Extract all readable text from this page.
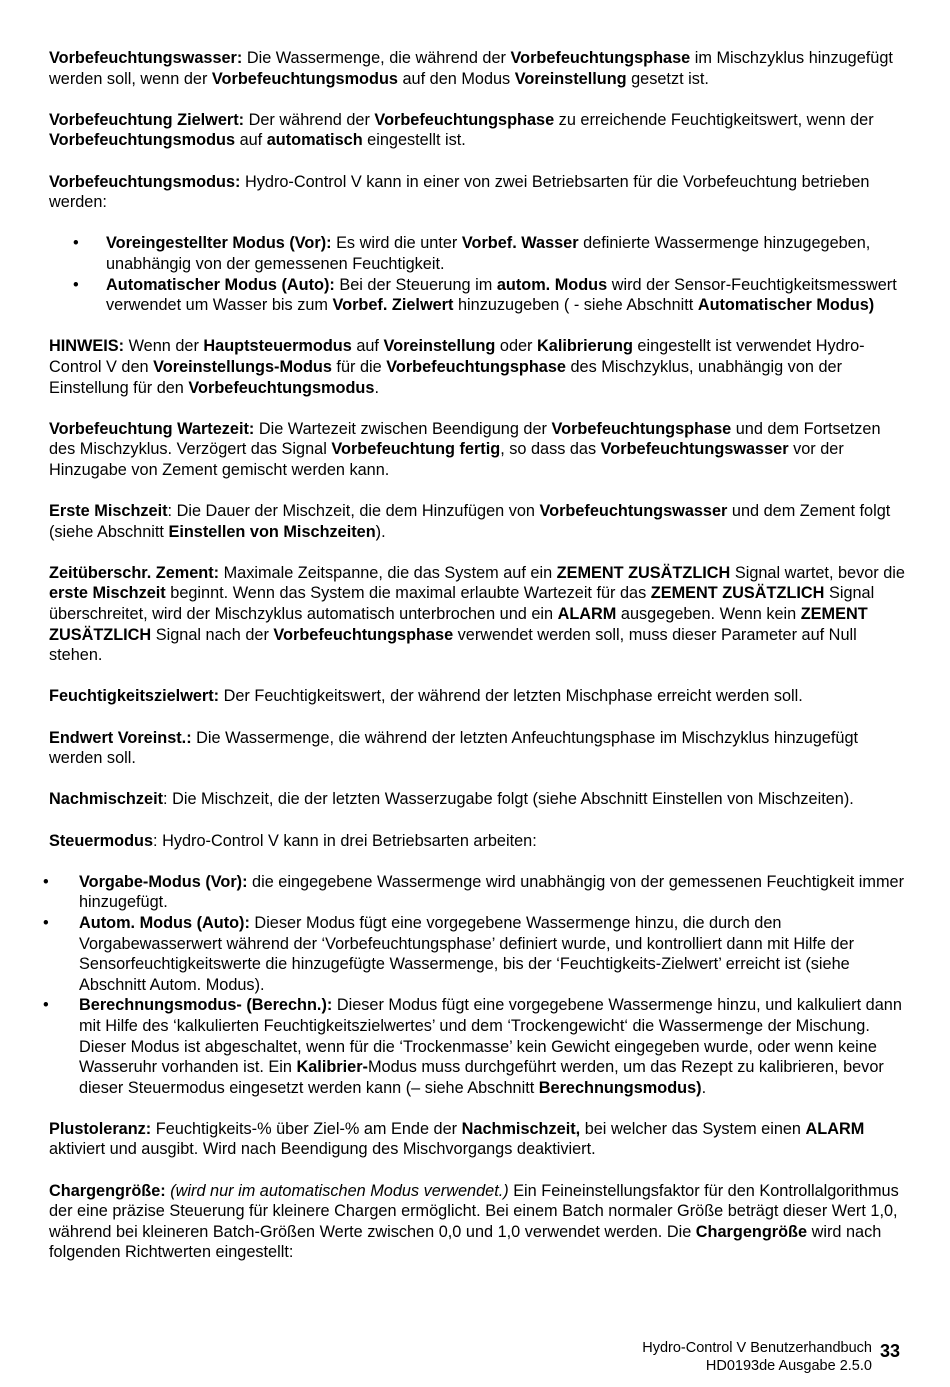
Vorbefeuchtungswasser: Die Wassermenge, die während der Vorbefeuchtungsphase im Mischzyklus hinzugefügt werden soll, wenn der Vorbefeuchtungsmodus auf den Modus Voreinstellung gesetzt ist.

Vorbefeuchtung Zielwert: Der während der Vorbefeuchtungsphase zu erreichende Feuchtigkeitswert, wenn der Vorbefeuchtungsmodus auf automatisch eingestellt ist.

Vorbefeuchtungsmodus: Hydro-Control V kann in einer von zwei Betriebsarten für die Vorbefeuchtung betrieben werden:

• Voreingestellter Modus (Vor): Es wird die unter Vorbef. Wasser definierte Wassermenge hinzugegeben, unabhängig von der gemessenen Feuchtigkeit.
• Automatischer Modus (Auto): Bei der Steuerung im autom. Modus wird der Sensor-Feuchtigkeitsmesswert verwendet um Wasser bis zum Vorbef. Zielwert hinzuzugeben ( - siehe Abschnitt Automatischer Modus)

HINWEIS: Wenn der Hauptsteuermodus auf Voreinstellung oder Kalibrierung eingestellt ist verwendet Hydro-Control V den Voreinstellungs-Modus für die Vorbefeuchtungsphase des Mischzyklus, unabhängig von der Einstellung für den Vorbefeuchtungsmodus.

Vorbefeuchtung Wartezeit: Die Wartezeit zwischen Beendigung der Vorbefeuchtungsphase und dem Fortsetzen des Mischzyklus. Verzögert das Signal Vorbefeuchtung fertig, so dass das Vorbefeuchtungswasser vor der Hinzugabe von Zement gemischt werden kann.

Erste Mischzeit: Die Dauer der Mischzeit, die dem Hinzufügen von Vorbefeuchtungswasser und dem Zement folgt (siehe Abschnitt Einstellen von Mischzeiten).

Zeitüberschr. Zement: Maximale Zeitspanne, die das System auf ein ZEMENT ZUSÄTZLICH Signal wartet, bevor die erste Mischzeit beginnt. Wenn das System die maximal erlaubte Wartezeit für das ZEMENT ZUSÄTZLICH Signal überschreitet, wird der Mischzyklus automatisch unterbrochen und ein ALARM ausgegeben. Wenn kein ZEMENT ZUSÄTZLICH Signal nach der Vorbefeuchtungsphase verwendet werden soll, muss dieser Parameter auf Null stehen.

Feuchtigkeitszielwert: Der Feuchtigkeitswert, der während der letzten Mischphase erreicht werden soll.

Endwert Voreinst.: Die Wassermenge, die während der letzten Anfeuchtungsphase im Mischzyklus hinzugefügt werden soll.

Nachmischzeit: Die Mischzeit, die der letzten Wasserzugabe folgt (siehe Abschnitt Einstellen von Mischzeiten).

Steuermodus: Hydro-Control V kann in drei Betriebsarten arbeiten:

• Vorgabe-Modus (Vor): die eingegebene Wassermenge wird unabhängig von der gemessenen Feuchtigkeit immer hinzugefügt.
• Autom. Modus (Auto): Dieser Modus fügt eine vorgegebene Wassermenge hinzu, die durch den Vorgabewasserwert während der ‘Vorbefeuchtungsphase’ definiert wurde, und kontrolliert dann mit Hilfe der Sensorfeuchtigkeitswerte die hinzugefügte Wassermenge, bis der ‘Feuchtigkeits-Zielwert’ erreicht ist (siehe Abschnitt Autom. Modus).
• Berechnungsmodus- (Berechn.): Dieser Modus fügt eine vorgegebene Wassermenge hinzu, und kalkuliert dann mit Hilfe des ‘kalkulierten Feuchtigkeitszielwertes’ und dem ‘Trockengewicht‘ die Wassermenge der Mischung. Dieser Modus ist abgeschaltet, wenn für die ‘Trockenmasse’ kein Gewicht eingegeben wurde, oder wenn keine Wasseruhr vorhanden ist. Ein Kalibrier-Modus muss durchgeführt werden, um das Rezept zu kalibrieren, bevor dieser Steuermodus eingesetzt werden kann (– siehe Abschnitt Berechnungsmodus).

Plustoleranz: Feuchtigkeits-% über Ziel-% am Ende der Nachmischzeit, bei welcher das System einen ALARM aktiviert und ausgibt. Wird nach Beendigung des Mischvorgangs deaktiviert.

Chargengröße: (wird nur im automatischen Modus verwendet.) Ein Feineinstellungsfaktor für den Kontrollalgorithmus der eine präzise Steuerung für kleinere Chargen ermöglicht. Bei einem Batch normaler Größe beträgt dieser Wert 1,0, während bei kleineren Batch-Größen Werte zwischen 0,0 und 1,0 verwendet werden. Die Chargengröße wird nach folgenden Richtwerten eingestellt:

Hydro-Control V Benutzerhandbuch
HD0193de Ausgabe 2.5.0
33
